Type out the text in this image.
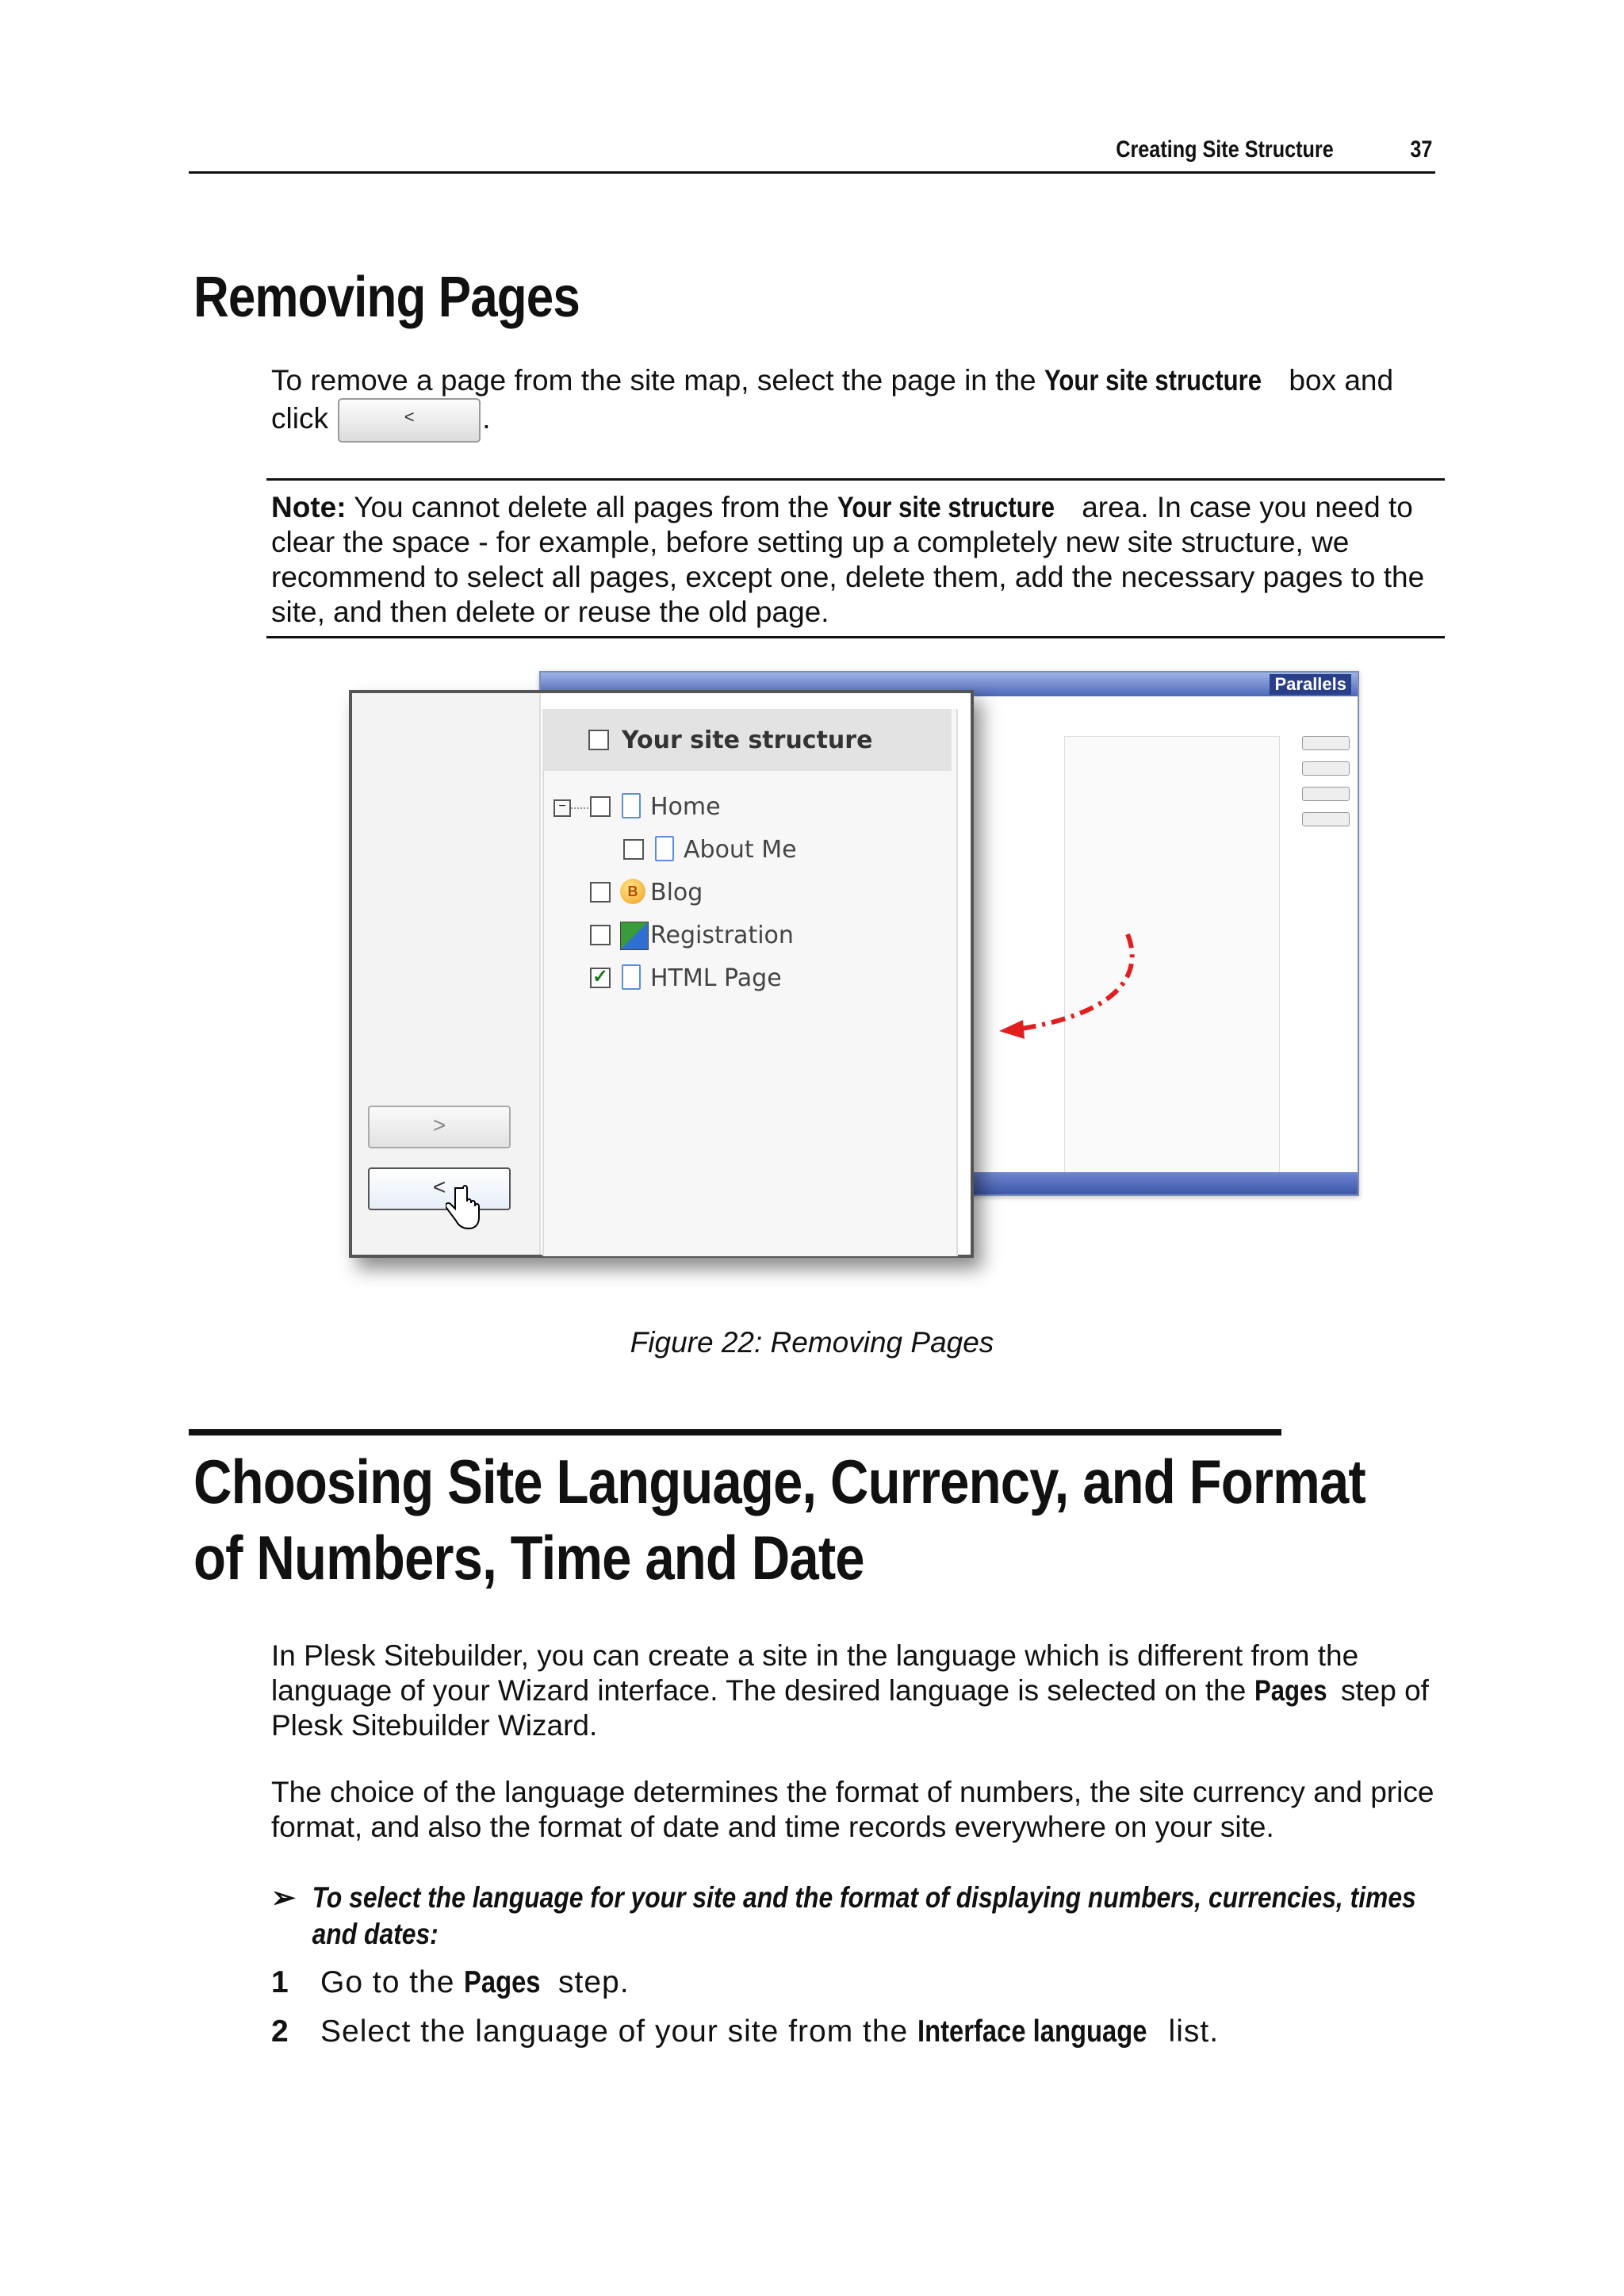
Creating Site Structure	37
Removing Pages
To remove a page from the site map, select the page in the Your site structure box and click	< .
Note: You cannot delete all pages from the Your site structure area. In case you need to clear the space - for example, before setting up a completely new site structure, we recommend to select all pages, except one, delete them, add the necessary pages to the site, and then delete or reuse the old page.
Parallels
>
<
Your site structure
−	Home
About Me
B Blog
Registration
✓ HTML Page
Figure 22: Removing Pages
Choosing Site Language, Currency, and Format of Numbers, Time and Date
In Plesk Sitebuilder, you can create a site in the language which is different from the language of your Wizard interface. The desired language is selected on the Pages step of Plesk Sitebuilder Wizard.
The choice of the language determines the format of numbers, the site currency and price format, and also the format of date and time records everywhere on your site.
➢ To select the language for your site and the format of displaying numbers, currencies, times and dates:
1 Go to the Pages step.
2 Select the language of your site from the Interface language list.
